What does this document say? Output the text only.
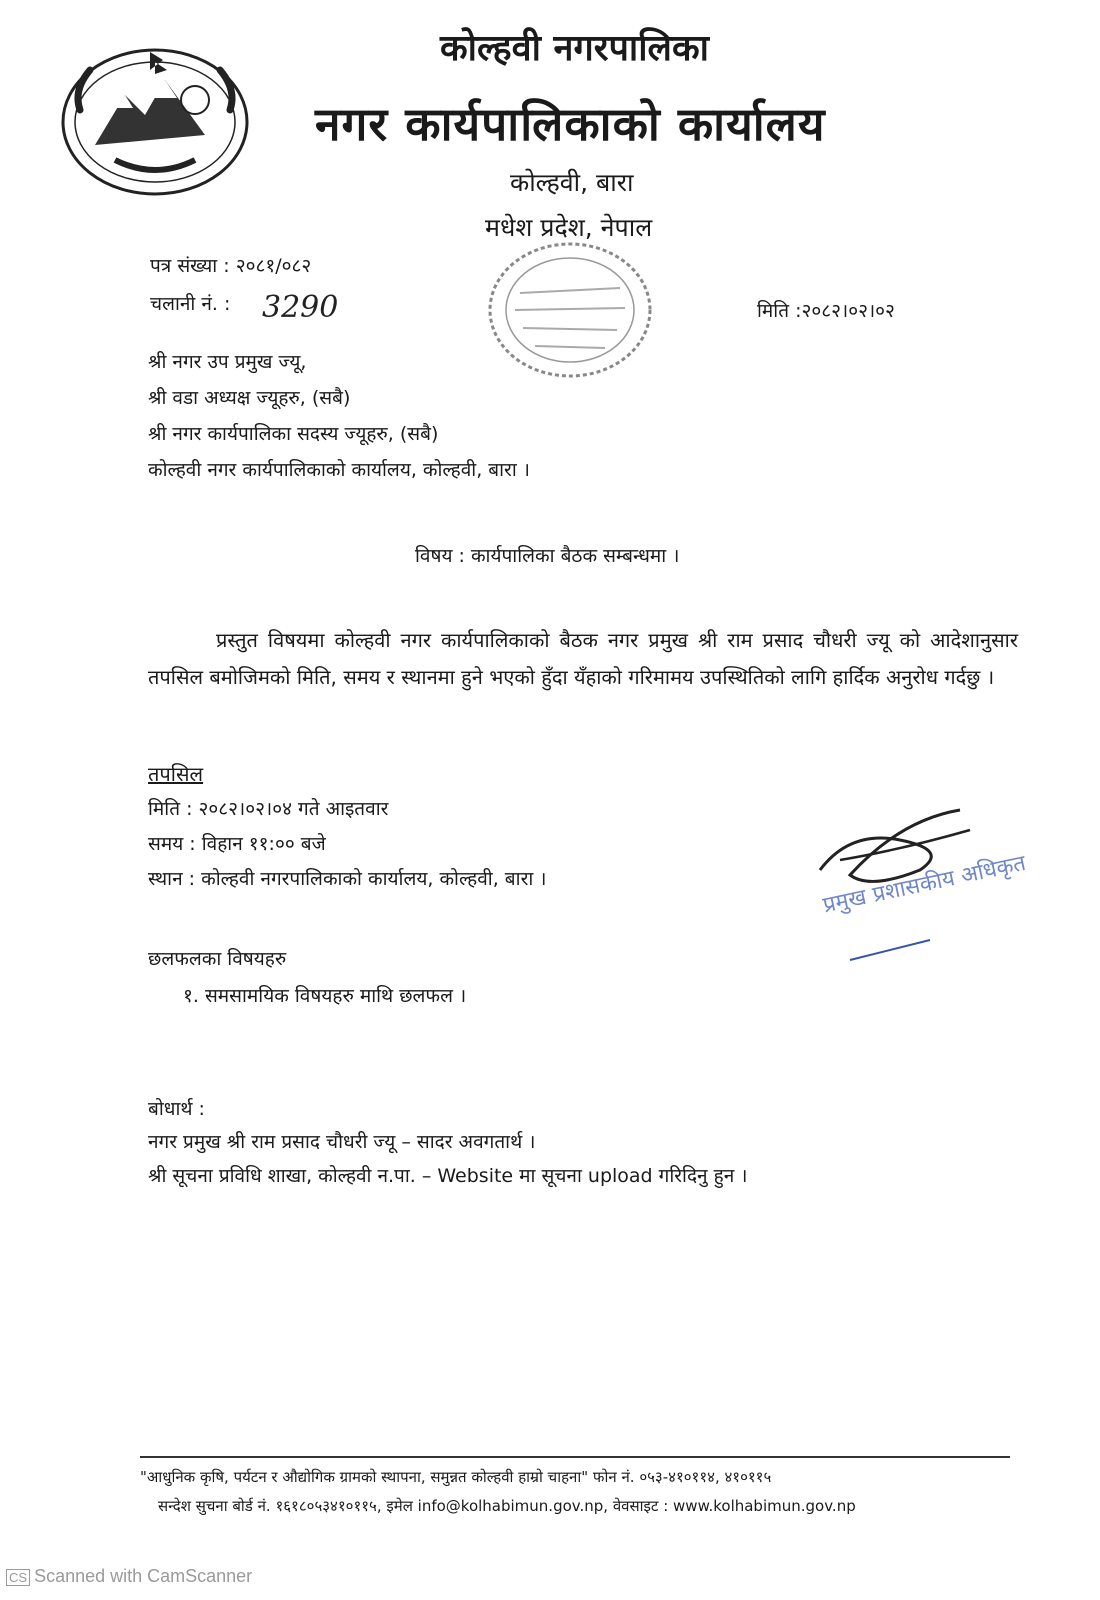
कोल्हवी नगरपालिका
नगर कार्यपालिकाको कार्यालय
कोल्हवी, बारा
मधेश प्रदेश, नेपाल
पत्र संख्या : २०८१/०८२
चलानी नं. : 3290	मिति :२०८२।०२।०२
श्री नगर उप प्रमुख ज्यू,
श्री वडा अध्यक्ष ज्यूहरु, (सबै)
श्री नगर कार्यपालिका सदस्य ज्यूहरु, (सबै)
कोल्हवी नगर कार्यपालिकाको कार्यालय, कोल्हवी, बारा ।
विषय : कार्यपालिका बैठक सम्बन्धमा ।
प्रस्तुत विषयमा कोल्हवी नगर कार्यपालिकाको बैठक नगर प्रमुख श्री राम प्रसाद चौधरी ज्यू को आदेशानुसार तपसिल बमोजिमको मिति, समय र स्थानमा हुने भएको हुँदा यँहाको गरिमामय उपस्थितिको लागि हार्दिक अनुरोध गर्दछु ।
तपसिल
मिति : २०८२।०२।०४ गते आइतवार
समय : विहान ११:०० बजे
स्थान : कोल्हवी नगरपालिकाको कार्यालय, कोल्हवी, बारा ।	प्रमुख प्रशासकीय अधिकृत
छलफलका विषयहरु
१. समसामयिक विषयहरु माथि छलफल ।
बोधार्थ :
नगर प्रमुख श्री राम प्रसाद चौधरी ज्यू – सादर अवगतार्थ ।
श्री सूचना प्रविधि शाखा, कोल्हवी न.पा. – Website मा सूचना upload गरिदिनु हुन ।
"आधुनिक कृषि, पर्यटन र औद्योगिक ग्रामको स्थापना, समुन्नत कोल्हवी हाम्रो चाहना" फोन नं. ०५३-४१०११४, ४१०११५
सन्देश सुचना बोर्ड नं. १६१८०५३४१०११५, इमेल info@kolhabimun.gov.np, वेवसाइट : www.kolhabimun.gov.np
CS Scanned with CamScanner
